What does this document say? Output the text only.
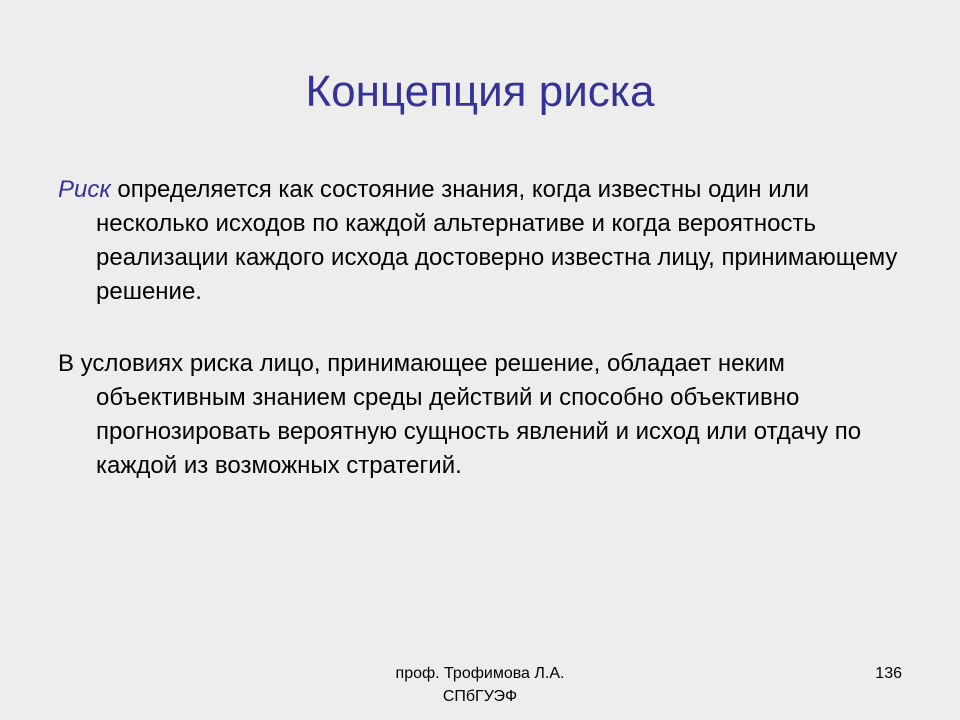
Концепция риска

Риск определяется как состояние знания, когда известны один или несколько исходов по каждой альтернативе и когда вероятность реализации каждого исхода достоверно известна лицу, принимающему решение.

В условиях риска лицо, принимающее решение, обладает неким объективным знанием среды действий и способно объективно прогнозировать вероятную сущность явлений и исход или отдачу по каждой из возможных стратегий.

проф. Трофимова Л.А.
СПбГУЭФ
136
